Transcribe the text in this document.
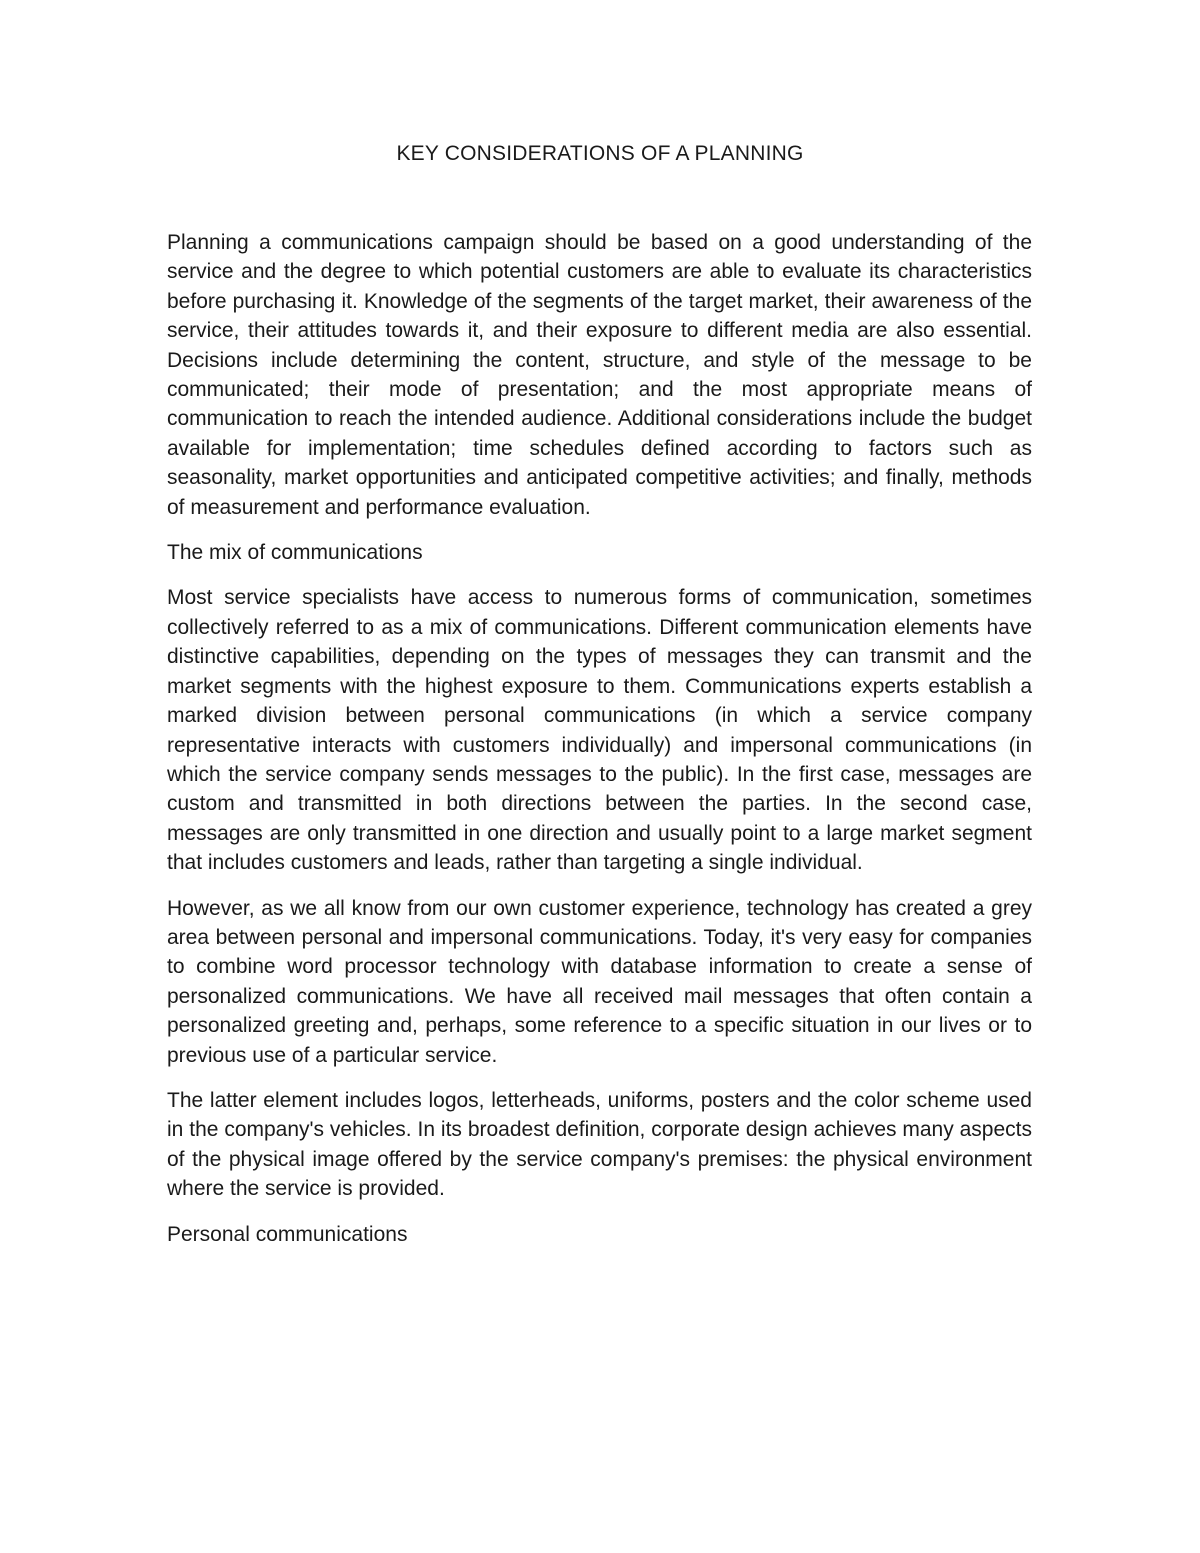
KEY CONSIDERATIONS OF A PLANNING

Planning a communications campaign should be based on a good understanding of the service and the degree to which potential customers are able to evaluate its characteristics before purchasing it. Knowledge of the segments of the target market, their awareness of the service, their attitudes towards it, and their exposure to different media are also essential. Decisions include determining the content, structure, and style of the message to be communicated; their mode of presentation; and the most appropriate means of communication to reach the intended audience. Additional considerations include the budget available for implementation; time schedules defined according to factors such as seasonality, market opportunities and anticipated competitive activities; and finally, methods of measurement and performance evaluation.

The mix of communications

Most service specialists have access to numerous forms of communication, sometimes collectively referred to as a mix of communications. Different communication elements have distinctive capabilities, depending on the types of messages they can transmit and the market segments with the highest exposure to them. Communications experts establish a marked division between personal communications (in which a service company representative interacts with customers individually) and impersonal communications (in which the service company sends messages to the public). In the first case, messages are custom and transmitted in both directions between the parties. In the second case, messages are only transmitted in one direction and usually point to a large market segment that includes customers and leads, rather than targeting a single individual.

However, as we all know from our own customer experience, technology has created a grey area between personal and impersonal communications. Today, it's very easy for companies to combine word processor technology with database information to create a sense of personalized communications. We have all received mail messages that often contain a personalized greeting and, perhaps, some reference to a specific situation in our lives or to previous use of a particular service.

The latter element includes logos, letterheads, uniforms, posters and the color scheme used in the company's vehicles. In its broadest definition, corporate design achieves many aspects of the physical image offered by the service company's premises: the physical environment where the service is provided.

Personal communications
